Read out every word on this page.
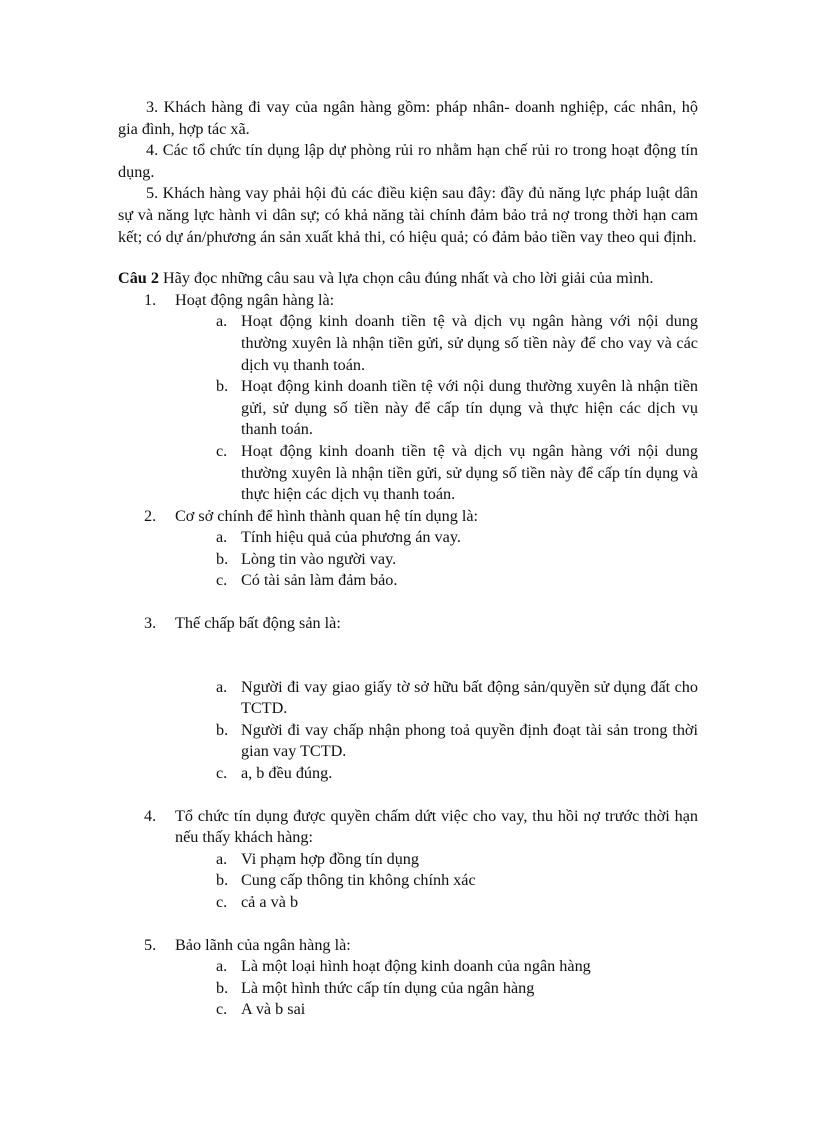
3. Khách hàng đi vay của ngân hàng gồm: pháp nhân- doanh nghiệp, các nhân, hộ gia đình, hợp tác xã.

4. Các tổ chức tín dụng lập dự phòng rủi ro nhằm hạn chế rủi ro trong hoạt động tín dụng.

5. Khách hàng vay phải hội đủ các điều kiện sau đây: đầy đủ năng lực pháp luật dân sự và năng lực hành vi dân sự; có khả năng tài chính đảm bảo trả nợ trong thời hạn cam kết; có dự án/phương án sản xuất khả thi, có hiệu quả; có đảm bảo tiền vay theo qui định.

Câu 2 Hãy đọc những câu sau và lựa chọn câu đúng nhất và cho lời giải của mình.

1. Hoạt động ngân hàng là:

a. Hoạt động kinh doanh tiền tệ và dịch vụ ngân hàng với nội dung thường xuyên là nhận tiền gửi, sử dụng số tiền này để cho vay và các dịch vụ thanh toán.

b. Hoạt động kinh doanh tiền tệ với nội dung thường xuyên là nhận tiền gửi, sử dụng số tiền này để cấp tín dụng và thực hiện các dịch vụ thanh toán.

c. Hoạt động kinh doanh tiền tệ và dịch vụ ngân hàng với nội dung thường xuyên là nhận tiền gửi, sử dụng số tiền này để cấp tín dụng và thực hiện các dịch vụ thanh toán.

2. Cơ sở chính để hình thành quan hệ tín dụng là:

a. Tính hiệu quả của phương án vay.

b. Lòng tin vào người vay.

c. Có tài sản làm đảm bảo.

3. Thế chấp bất động sản là:

a. Người đi vay giao giấy tờ sở hữu bất động sản/quyền sử dụng đất cho TCTD.

b. Người đi vay chấp nhận phong toả quyền định đoạt tài sản trong thời gian vay TCTD.

c. a, b đều đúng.

4. Tổ chức tín dụng được quyền chấm dứt việc cho vay, thu hồi nợ trước thời hạn nếu thấy khách hàng:

a. Vi phạm hợp đồng tín dụng

b. Cung cấp thông tin không chính xác

c. cả a và b

5. Bảo lãnh của ngân hàng là:

a. Là một loại hình hoạt động kinh doanh của ngân hàng

b. Là một hình thức cấp tín dụng của ngân hàng

c. A và b sai
